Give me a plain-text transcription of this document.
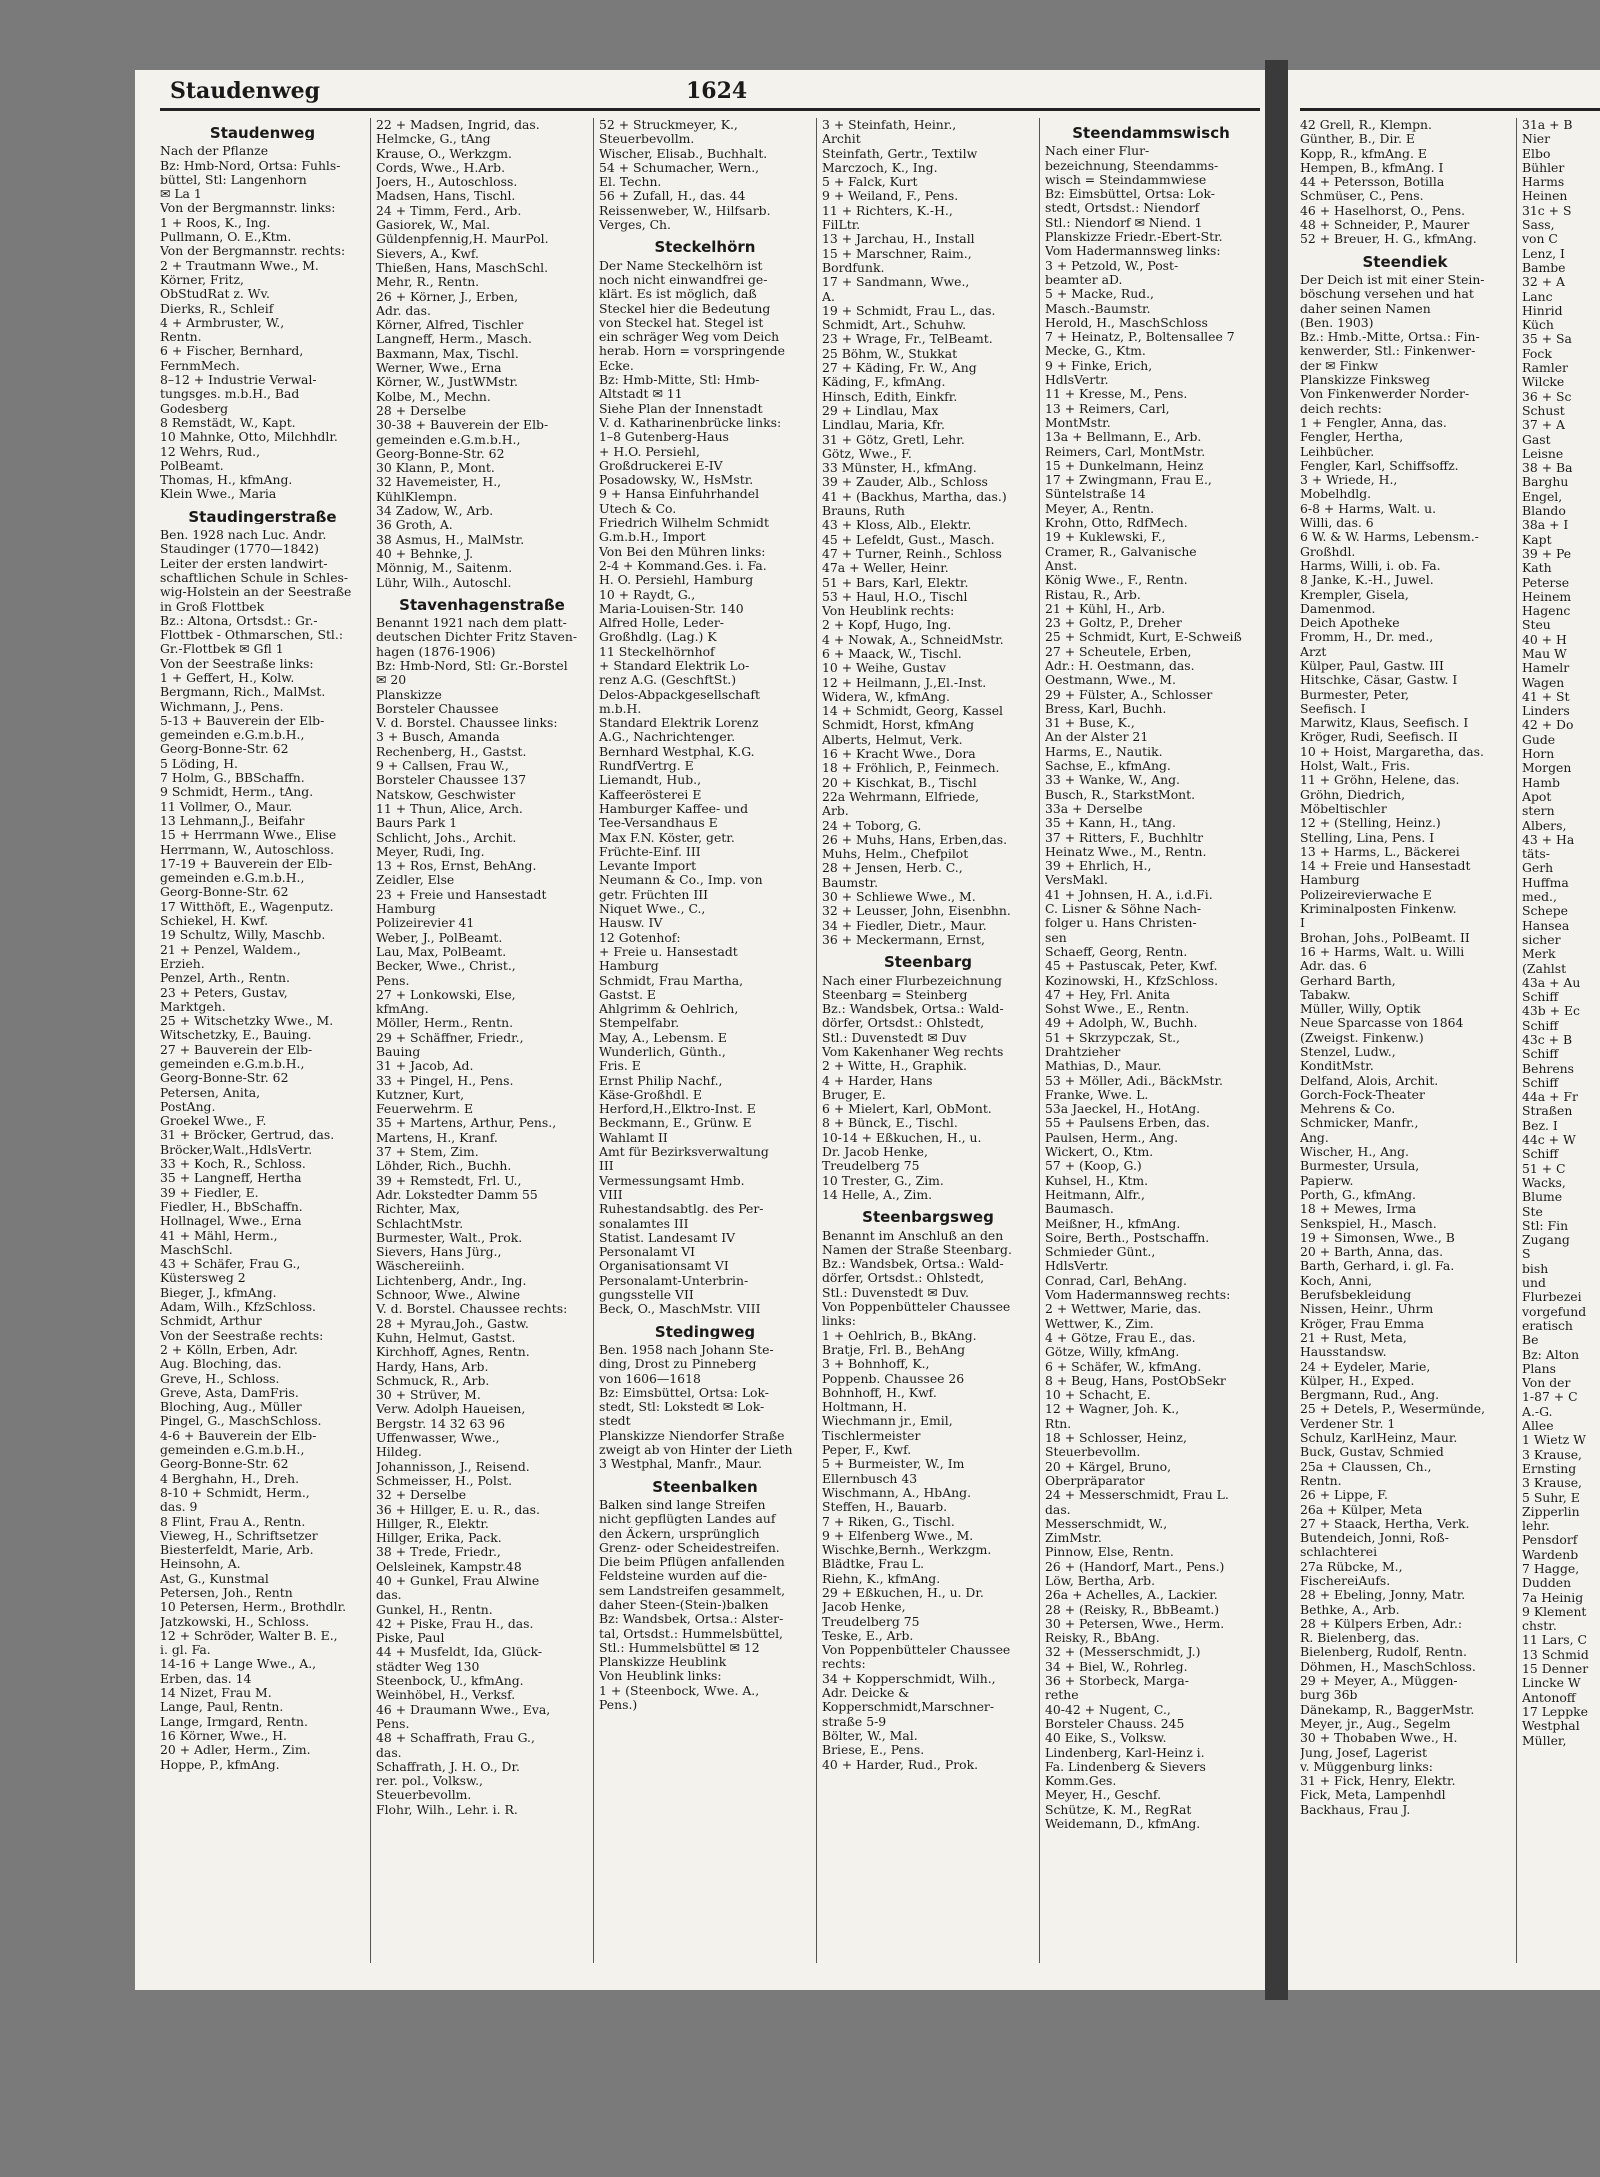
Staudenweg	1624

Staudenweg

Nach der Pflanze

Bz: Hmb-Nord, Ortsa: Fuhls-

büttel, Stl: Langenhorn

✉ La 1

Von der Bergmannstr. links:

1 + Roos, K., Ing.

Pullmann, O. E.,Ktm.

Von der Bergmannstr. rechts:

2 + Trautmann Wwe., M.

Körner, Fritz,

ObStudRat z. Wv.

Dierks, R., Schleif

4 + Armbruster, W.,

Rentn.

6 + Fischer, Bernhard,

FernmMech.

8–12 + Industrie Verwal-

tungsges. m.b.H., Bad

Godesberg

8 Remstädt, W., Kapt.

10 Mahnke, Otto, Milchhdlr.

12 Wehrs, Rud.,

PolBeamt.

Thomas, H., kfmAng.

Klein Wwe., Maria

Staudingerstraße

Ben. 1928 nach Luc. Andr.

Staudinger (1770—1842)

Leiter der ersten landwirt-

schaftlichen Schule in Schles-

wig-Holstein an der Seestraße

in Groß Flottbek

Bz.: Altona, Ortsdst.: Gr.-

Flottbek - Othmarschen, Stl.:

Gr.-Flottbek ✉ Gfl 1

Von der Seestraße links:

1 + Geffert, H., Kolw.

Bergmann, Rich., MalMst.

Wichmann, J., Pens.

5-13 + Bauverein der Elb-

gemeinden e.G.m.b.H.,

Georg-Bonne-Str. 62

5 Löding, H.

7 Holm, G., BBSchaffn.

9 Schmidt, Herm., tAng.

11 Vollmer, O., Maur.

13 Lehmann,J., Beifahr

15 + Herrmann Wwe., Elise

Herrmann, W., Autoschloss.

17-19 + Bauverein der Elb-

gemeinden e.G.m.b.H.,

Georg-Bonne-Str. 62

17 Witthöft, E., Wagenputz.

Schiekel, H. Kwf.

19 Schultz, Willy, Maschb.

21 + Penzel, Waldem.,

Erzieh.

Penzel, Arth., Rentn.

23 + Peters, Gustav,

Marktgeh.

25 + Witschetzky Wwe., M.

Witschetzky, E., Bauing.

27 + Bauverein der Elb-

gemeinden e.G.m.b.H.,

Georg-Bonne-Str. 62

Petersen, Anita,

PostAng.

Groekel Wwe., F.

31 + Bröcker, Gertrud, das.

Bröcker,Walt.,HdlsVertr.

33 + Koch, R., Schloss.

35 + Langneff, Hertha

39 + Fiedler, E.

Fiedler, H., BbSchaffn.

Hollnagel, Wwe., Erna

41 + Mähl, Herm.,

MaschSchl.

43 + Schäfer, Frau G.,

Küstersweg 2

Bieger, J., kfmAng.

Adam, Wilh., KfzSchloss.

Schmidt, Arthur

Von der Seestraße rechts:

2 + Kölln, Erben, Adr.

Aug. Bloching, das.

Greve, H., Schloss.

Greve, Asta, DamFris.

Bloching, Aug., Müller

Pingel, G., MaschSchloss.

4-6 + Bauverein der Elb-

gemeinden e.G.m.b.H.,

Georg-Bonne-Str. 62

4 Berghahn, H., Dreh.

8-10 + Schmidt, Herm.,

das. 9

8 Flint, Frau A., Rentn.

Vieweg, H., Schriftsetzer

Biesterfeldt, Marie, Arb.

Heinsohn, A.

Ast, G., Kunstmal

Petersen, Joh., Rentn

10 Petersen, Herm., Brothdlr.

Jatzkowski, H., Schloss.

12 + Schröder, Walter B. E.,

i. gl. Fa.

14-16 + Lange Wwe., A.,

Erben, das. 14

14 Nizet, Frau M.

Lange, Paul, Rentn.

Lange, Irmgard, Rentn.

16 Körner, Wwe., H.

20 + Adler, Herm., Zim.

Hoppe, P., kfmAng.

22 + Madsen, Ingrid, das.

Helmcke, G., tAng

Krause, O., Werkzgm.

Cords, Wwe., H.Arb.

Joers, H., Autoschloss.

Madsen, Hans, Tischl.

24 + Timm, Ferd., Arb.

Gasiorek, W., Mal.

Güldenpfennig,H. MaurPol.

Sievers, A., Kwf.

Thießen, Hans, MaschSchl.

Mehr, R., Rentn.

26 + Körner, J., Erben,

Adr. das.

Körner, Alfred, Tischler

Langneff, Herm., Masch.

Baxmann, Max, Tischl.

Werner, Wwe., Erna

Körner, W., JustWMstr.

Kolbe, M., Mechn.

28 + Derselbe

30-38 + Bauverein der Elb-

gemeinden e.G.m.b.H.,

Georg-Bonne-Str. 62

30 Klann, P., Mont.

32 Havemeister, H.,

KühlKlempn.

34 Zadow, W., Arb.

36 Groth, A.

38 Asmus, H., MalMstr.

40 + Behnke, J.

Mönnig, M., Saitenm.

Lühr, Wilh., Autoschl.

Stavenhagenstraße

Benannt 1921 nach dem platt-

deutschen Dichter Fritz Staven-

hagen (1876-1906)

Bz: Hmb-Nord, Stl: Gr.-Borstel

✉ 20

Planskizze

Borsteler Chaussee

V. d. Borstel. Chaussee links:

3 + Busch, Amanda

Rechenberg, H., Gastst.

9 + Callsen, Frau W.,

Borsteler Chaussee 137

Natskow, Geschwister

11 + Thun, Alice, Arch.

Baurs Park 1

Schlicht, Johs., Archit.

Meyer, Rudi, Ing.

13 + Ros, Ernst, BehAng.

Zeidler, Else

23 + Freie und Hansestadt

Hamburg

Polizeirevier 41

Weber, J., PolBeamt.

Lau, Max, PolBeamt.

Becker, Wwe., Christ.,

Pens.

27 + Lonkowski, Else,

kfmAng.

Möller, Herm., Rentn.

29 + Schäffner, Friedr.,

Bauing

31 + Jacob, Ad.

33 + Pingel, H., Pens.

Kutzner, Kurt,

Feuerwehrm. E

35 + Martens, Arthur, Pens.,

Martens, H., Kranf.

37 + Stem, Zim.

Löhder, Rich., Buchh.

39 + Remstedt, Frl. U.,

Adr. Lokstedter Damm 55

Richter, Max,

SchlachtMstr.

Burmester, Walt., Prok.

Sievers, Hans Jürg.,

Wäschereiinh.

Lichtenberg, Andr., Ing.

Schnoor, Wwe., Alwine

V. d. Borstel. Chaussee rechts:

28 + Myrau,Joh., Gastw.

Kuhn, Helmut, Gastst.

Kirchhoff, Agnes, Rentn.

Hardy, Hans, Arb.

Schmuck, R., Arb.

30 + Strüver, M.

Verw. Adolph Haueisen,

Bergstr. 14 32 63 96

Uffenwasser, Wwe.,

Hildeg.

Johannisson, J., Reisend.

Schmeisser, H., Polst.

32 + Derselbe

36 + Hillger, E. u. R., das.

Hillger, R., Elektr.

Hillger, Erika, Pack.

38 + Trede, Friedr.,

Oelsleinek, Kampstr.48

40 + Gunkel, Frau Alwine

das.

Gunkel, H., Rentn.

42 + Piske, Frau H., das.

Piske, Paul

44 + Musfeldt, Ida, Glück-

städter Weg 130

Steenbock, U., kfmAng.

Weinhöbel, H., Verksf.

46 + Draumann Wwe., Eva,

Pens.

48 + Schaffrath, Frau G.,

das.

Schaffrath, J. H. O., Dr.

rer. pol., Volksw.,

Steuerbevollm.

Flohr, Wilh., Lehr. i. R.

52 + Struckmeyer, K.,

Steuerbevollm.

Wischer, Elisab., Buchhalt.

54 + Schumacher, Wern.,

El. Techn.

56 + Zufall, H., das. 44

Reissenweber, W., Hilfsarb.

Verges, Ch.

Steckelhörn

Der Name Steckelhörn ist

noch nicht einwandfrei ge-

klärt. Es ist möglich, daß

Steckel hier die Bedeutung

von Steckel hat. Stegel ist

ein schräger Weg vom Deich

herab. Horn = vorspringende

Ecke.

Bz: Hmb-Mitte, Stl: Hmb-

Altstadt ✉ 11

Siehe Plan der Innenstadt

V. d. Katharinenbrücke links:

1–8 Gutenberg-Haus

+ H.O. Persiehl,

Großdruckerei E-IV

Posadowsky, W., HsMstr.

9 + Hansa Einfuhrhandel

Utech & Co.

Friedrich Wilhelm Schmidt

G.m.b.H., Import

Von Bei den Mühren links:

2-4 + Kommand.Ges. i. Fa.

H. O. Persiehl, Hamburg

10 + Raydt, G.,

Maria-Louisen-Str. 140

Alfred Holle, Leder-

Großhdlg. (Lag.) K

11 Steckelhörnhof

+ Standard Elektrik Lo-

renz A.G. (GeschftSt.)

Delos-Abpackgesellschaft

m.b.H.

Standard Elektrik Lorenz

A.G., Nachrichtenger.

Bernhard Westphal, K.G.

RundfVertrg. E

Liemandt, Hub.,

Kaffeerösterei E

Hamburger Kaffee- und

Tee-Versandhaus E

Max F.N. Köster, getr.

Früchte-Einf. III

Levante Import

Neumann & Co., Imp. von

getr. Früchten III

Niquet Wwe., C.,

Hausw. IV

12 Gotenhof:

+ Freie u. Hansestadt

Hamburg

Schmidt, Frau Martha,

Gastst. E

Ahlgrimm & Oehlrich,

Stempelfabr.

May, A., Lebensm. E

Wunderlich, Günth.,

Fris. E

Ernst Philip Nachf.,

Käse-Großhdl. E

Herford,H.,Elktro-Inst. E

Beckmann, E., Grünw. E

Wahlamt II

Amt für Bezirksverwaltung

III

Vermessungsamt Hmb.

VIII

Ruhestandsabtlg. des Per-

sonalamtes III

Statist. Landesamt IV

Personalamt VI

Organisationsamt VI

Personalamt-Unterbrin-

gungsstelle VII

Beck, O., MaschMstr. VIII

Stedingweg

Ben. 1958 nach Johann Ste-

ding, Drost zu Pinneberg

von 1606—1618

Bz: Eimsbüttel, Ortsa: Lok-

stedt, Stl: Lokstedt ✉ Lok-

stedt

Planskizze Niendorfer Straße

zweigt ab von Hinter der Lieth

3 Westphal, Manfr., Maur.

Steenbalken

Balken sind lange Streifen

nicht gepflügten Landes auf

den Äckern, ursprünglich

Grenz- oder Scheidestreifen.

Die beim Pflügen anfallenden

Feldsteine wurden auf die-

sem Landstreifen gesammelt,

daher Steen-(Stein-)balken

Bz: Wandsbek, Ortsa.: Alster-

tal, Ortsdst.: Hummelsbüttel,

Stl.: Hummelsbüttel ✉ 12

Planskizze Heublink

Von Heublink links:

1 + (Steenbock, Wwe. A.,

Pens.)

3 + Steinfath, Heinr.,

Archit

Steinfath, Gertr., Textilw

Marczoch, K., Ing.

5 + Falck, Kurt

9 + Weiland, F., Pens.

11 + Richters, K.-H.,

FilLtr.

13 + Jarchau, H., Install

15 + Marschner, Raim.,

Bordfunk.

17 + Sandmann, Wwe.,

A.

19 + Schmidt, Frau L., das.

Schmidt, Art., Schuhw.

23 + Wrage, Fr., TelBeamt.

25 Böhm, W., Stukkat

27 + Käding, Fr. W., Ang

Käding, F., kfmAng.

Hinsch, Edith, Einkfr.

29 + Lindlau, Max

Lindlau, Maria, Kfr.

31 + Götz, Gretl, Lehr.

Götz, Wwe., F.

33 Münster, H., kfmAng.

39 + Zauder, Alb., Schloss

41 + (Backhus, Martha, das.)

Brauns, Ruth

43 + Kloss, Alb., Elektr.

45 + Lefeldt, Gust., Masch.

47 + Turner, Reinh., Schloss

47a + Weller, Heinr.

51 + Bars, Karl, Elektr.

53 + Haul, H.O., Tischl

Von Heublink rechts:

2 + Kopf, Hugo, Ing.

4 + Nowak, A., SchneidMstr.

6 + Maack, W., Tischl.

10 + Weihe, Gustav

12 + Heilmann, J.,El.-Inst.

Widera, W., kfmAng.

14 + Schmidt, Georg, Kassel

Schmidt, Horst, kfmAng

Alberts, Helmut, Verk.

16 + Kracht Wwe., Dora

18 + Fröhlich, P., Feinmech.

20 + Kischkat, B., Tischl

22a Wehrmann, Elfriede,

Arb.

24 + Toborg, G.

26 + Muhs, Hans, Erben,das.

Muhs, Helm., Chefpilot

28 + Jensen, Herb. C.,

Baumstr.

30 + Schliewe Wwe., M.

32 + Leusser, John, Eisenbhn.

34 + Fiedler, Dietr., Maur.

36 + Meckermann, Ernst,

Steenbarg

Nach einer Flurbezeichnung

Steenbarg = Steinberg

Bz.: Wandsbek, Ortsa.: Wald-

dörfer, Ortsdst.: Ohlstedt,

Stl.: Duvenstedt ✉ Duv

Vom Kakenhaner Weg rechts

2 + Witte, H., Graphik.

4 + Harder, Hans

Bruger, E.

6 + Mielert, Karl, ObMont.

8 + Bünck, E., Tischl.

10-14 + Eßkuchen, H., u.

Dr. Jacob Henke,

Treudelberg 75

10 Trester, G., Zim.

14 Helle, A., Zim.

Steenbargsweg

Benannt im Anschluß an den

Namen der Straße Steenbarg.

Bz.: Wandsbek, Ortsa.: Wald-

dörfer, Ortsdst.: Ohlstedt,

Stl.: Duvenstedt ✉ Duv.

Von Poppenbütteler Chaussee

links:

1 + Oehlrich, B., BkAng.

Bratje, Frl. B., BehAng

3 + Bohnhoff, K.,

Poppenb. Chaussee 26

Bohnhoff, H., Kwf.

Holtmann, H.

Wiechmann jr., Emil,

Tischlermeister

Peper, F., Kwf.

5 + Burmeister, W., Im

Ellernbusch 43

Wischmann, A., HbAng.

Steffen, H., Bauarb.

7 + Riken, G., Tischl.

9 + Elfenberg Wwe., M.

Wischke,Bernh., Werkzgm.

Blädtke, Frau L.

Riehn, K., kfmAng.

29 + Eßkuchen, H., u. Dr.

Jacob Henke,

Treudelberg 75

Teske, E., Arb.

Von Poppenbütteler Chaussee

rechts:

34 + Kopperschmidt, Wilh.,

Adr. Deicke &

Kopperschmidt,Marschner-

straße 5-9

Bölter, W., Mal.

Briese, E., Pens.

40 + Harder, Rud., Prok.

Steendammswisch

Nach einer Flur-

bezeichnung, Steendamms-

wisch = Steindammwiese

Bz: Eimsbüttel, Ortsa: Lok-

stedt, Ortsdst.: Niendorf

Stl.: Niendorf ✉ Niend. 1

Planskizze Friedr.-Ebert-Str.

Vom Hadermannsweg links:

3 + Petzold, W., Post-

beamter aD.

5 + Macke, Rud.,

Masch.-Baumstr.

Herold, H., MaschSchloss

7 + Heinatz, P., Boltensallee 7

Mecke, G., Ktm.

9 + Finke, Erich,

HdlsVertr.

11 + Kresse, M., Pens.

13 + Reimers, Carl,

MontMstr.

13a + Bellmann, E., Arb.

Reimers, Carl, MontMstr.

15 + Dunkelmann, Heinz

17 + Zwingmann, Frau E.,

Süntelstraße 14

Meyer, A., Rentn.

Krohn, Otto, RdfMech.

19 + Kuklewski, F.,

Cramer, R., Galvanische

Anst.

König Wwe., F., Rentn.

Ristau, R., Arb.

21 + Kühl, H., Arb.

23 + Goltz, P., Dreher

25 + Schmidt, Kurt, E-Schweiß

27 + Scheutele, Erben,

Adr.: H. Oestmann, das.

Oestmann, Wwe., M.

29 + Fülster, A., Schlosser

Bress, Karl, Buchh.

31 + Buse, K.,

An der Alster 21

Harms, E., Nautik.

Sachse, E., kfmAng.

33 + Wanke, W., Ang.

Busch, R., StarkstMont.

33a + Derselbe

35 + Kann, H., tAng.

37 + Ritters, F., Buchhltr

Heinatz Wwe., M., Rentn.

39 + Ehrlich, H.,

VersMakl.

41 + Johnsen, H. A., i.d.Fi.

C. Lisner & Söhne Nach-

folger u. Hans Christen-

sen

Schaeff, Georg, Rentn.

45 + Pastuscak, Peter, Kwf.

Kozinowski, H., KfzSchloss.

47 + Hey, Frl. Anita

Sohst Wwe., E., Rentn.

49 + Adolph, W., Buchh.

51 + Skrzypczak, St.,

Drahtzieher

Mathias, D., Maur.

53 + Möller, Adi., BäckMstr.

Franke, Wwe. L.

53a Jaeckel, H., HotAng.

55 + Paulsens Erben, das.

Paulsen, Herm., Ang.

Wickert, O., Ktm.

57 + (Koop, G.)

Kuhsel, H., Ktm.

Heitmann, Alfr.,

Baumasch.

Meißner, H., kfmAng.

Soire, Berth., Postschaffn.

Schmieder Günt.,

HdlsVertr.

Conrad, Carl, BehAng.

Vom Hadermannsweg rechts:

2 + Wettwer, Marie, das.

Wettwer, K., Zim.

4 + Götze, Frau E., das.

Götze, Willy, kfmAng.

6 + Schäfer, W., kfmAng.

8 + Beug, Hans, PostObSekr

10 + Schacht, E.

12 + Wagner, Joh. K.,

Rtn.

18 + Schlosser, Heinz,

Steuerbevollm.

20 + Kärgel, Bruno,

Oberpräparator

24 + Messerschmidt, Frau L.

das.

Messerschmidt, W.,

ZimMstr.

Pinnow, Else, Rentn.

26 + (Handorf, Mart., Pens.)

Löw, Bertha, Arb.

26a + Achelles, A., Lackier.

28 + (Reisky, R., BbBeamt.)

30 + Petersen, Wwe., Herm.

Reisky, R., BbAng.

32 + (Messerschmidt, J.)

34 + Biel, W., Rohrleg.

36 + Storbeck, Marga-

rethe

40-42 + Nugent, C.,

Borsteler Chauss. 245

40 Eike, S., Volksw.

Lindenberg, Karl-Heinz i.

Fa. Lindenberg & Sievers

Komm.Ges.

Meyer, H., Geschf.

Schütze, K. M., RegRat

Weidemann, D., kfmAng.

42 Grell, R., Klempn.

Günther, B., Dir. E

Kopp, R., kfmAng. E

Hempen, B., kfmAng. I

44 + Petersson, Botilla

Schmüser, C., Pens.

46 + Haselhorst, O., Pens.

48 + Schneider, P., Maurer

52 + Breuer, H. G., kfmAng.

Steendiek

Der Deich ist mit einer Stein-

böschung versehen und hat

daher seinen Namen

(Ben. 1903)

Bz.: Hmb.-Mitte, Ortsa.: Fin-

kenwerder, Stl.: Finkenwer-

der ✉ Finkw

Planskizze Finksweg

Von Finkenwerder Norder-

deich rechts:

1 + Fengler, Anna, das.

Fengler, Hertha,

Leihbücher.

Fengler, Karl, Schiffsoffz.

3 + Wriede, H.,

Mobelhdlg.

6-8 + Harms, Walt. u.

Willi, das. 6

6 W. & W. Harms, Lebensm.-

Großhdl.

Harms, Willi, i. ob. Fa.

8 Janke, K.-H., Juwel.

Krempler, Gisela,

Damenmod.

Deich Apotheke

Fromm, H., Dr. med.,

Arzt

Külper, Paul, Gastw. III

Hitschke, Cäsar, Gastw. I

Burmester, Peter,

Seefisch. I

Marwitz, Klaus, Seefisch. I

Kröger, Rudi, Seefisch. II

10 + Hoist, Margaretha, das.

Holst, Walt., Fris.

11 + Gröhn, Helene, das.

Gröhn, Diedrich,

Möbeltischler

12 + (Stelling, Heinz.)

Stelling, Lina, Pens. I

13 + Harms, L., Bäckerei

14 + Freie und Hansestadt

Hamburg

Polizeirevierwache E

Kriminalposten Finkenw.

I

Brohan, Johs., PolBeamt. II

16 + Harms, Walt. u. Willi

Adr. das. 6

Gerhard Barth,

Tabakw.

Müller, Willy, Optik

Neue Sparcasse von 1864

(Zweigst. Finkenw.)

Stenzel, Ludw.,

KonditMstr.

Delfand, Alois, Archit.

Gorch-Fock-Theater

Mehrens & Co.

Schmicker, Manfr.,

Ang.

Wischer, H., Ang.

Burmester, Ursula,

Papierw.

Porth, G., kfmAng.

18 + Mewes, Irma

Senkspiel, H., Masch.

19 + Simonsen, Wwe., B

20 + Barth, Anna, das.

Barth, Gerhard, i. gl. Fa.

Koch, Anni,

Berufsbekleidung

Nissen, Heinr., Uhrm

Kröger, Frau Emma

21 + Rust, Meta,

Hausstandsw.

24 + Eydeler, Marie,

Külper, H., Exped.

Bergmann, Rud., Ang.

25 + Detels, P., Wesermünde,

Verdener Str. 1

Schulz, KarlHeinz, Maur.

Buck, Gustav, Schmied

25a + Claussen, Ch.,

Rentn.

26 + Lippe, F.

26a + Külper, Meta

27 + Staack, Hertha, Verk.

Butendeich, Jonni, Roß-

schlachterei

27a Rübcke, M.,

FischereiAufs.

28 + Ebeling, Jonny, Matr.

Bethke, A., Arb.

28 + Külpers Erben, Adr.:

R. Bielenberg, das.

Bielenberg, Rudolf, Rentn.

Döhmen, H., MaschSchloss.

29 + Meyer, A., Müggen-

burg 36b

Dänekamp, R., BaggerMstr.

Meyer, jr., Aug., Segelm

30 + Thobaben Wwe., H.

Jung, Josef, Lagerist

v. Müggenburg links:

31 + Fick, Henry, Elektr.

Fick, Meta, Lampenhdl

Backhaus, Frau J.

31a + B

Nier

Elbo

Bühler

Harms

Heinen

31c + S

Sass,

von C

Lenz, I

Bambe

32 + A

Lanc

Hinrid

Küch

35 + Sa

Fock

Ramler

Wilcke

36 + Sc

Schust

37 + A

Gast

Leisne

38 + Ba

Barghu

Engel,

Blando

38a + I

Kapt

39 + Pe

Kath

Peterse

Heinem

Hagenc

Steu

40 + H

Mau W

Hamelr

Wagen

41 + St

Linders

42 + Do

Gude

Horn

Morgen

Hamb

Apot

stern

Albers,

43 + Ha

täts-

Gerh

Huffma

med.,

Schepe

Hansea

sicher

Merk

(Zahlst

43a + Au

Schiff

43b + Ec

Schiff

43c + B

Schiff

Behrens

Schiff

44a + Fr

Straßen

Bez. I

44c + W

Schiff

51 + C

Wacks,

Blume

Ste

Stl: Fin

Zugang

S

bish

und

Flurbezei

vorgefund

eratisch

Be

Bz: Alton

Plans

Von der

1-87 + C

A.-G.

Allee

1 Wietz W

3 Krause,

Ernsting

3 Krause,

5 Suhr, E

Zipperlin

lehr.

Pensdorf

Wardenb

7 Hagge,

Dudden

7a Heinig

9 Klement

chstr.

11 Lars, C

13 Schmid

15 Denner

Lincke W

Antonoff

17 Leppke

Westphal

Müller,
